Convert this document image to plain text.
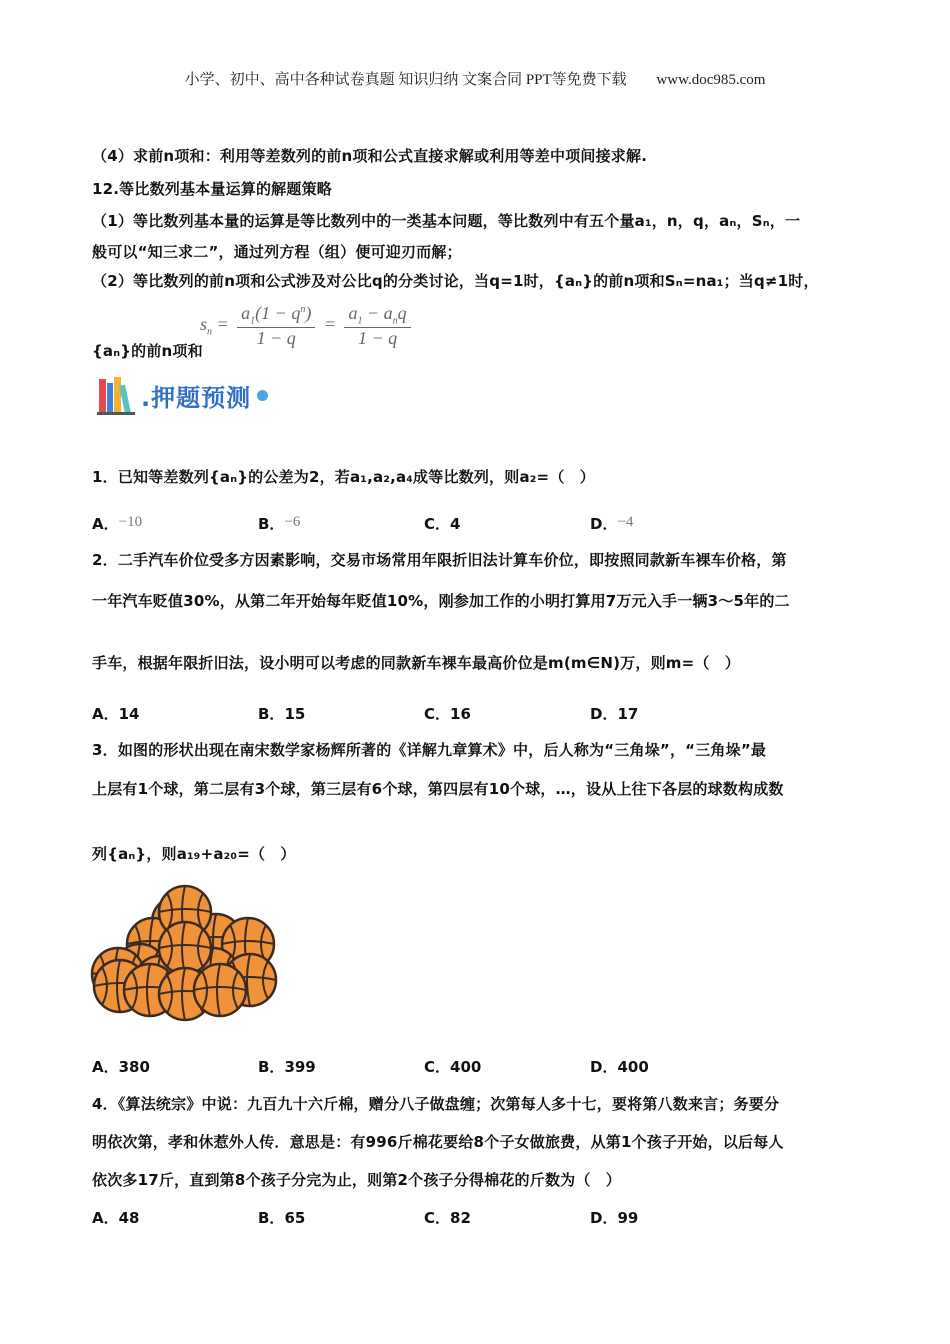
小学、初中、高中各种试卷真题 知识归纳 文案合同 PPT等免费下载 www.doc985.com
（4）求前n项和：利用等差数列的前n项和公式直接求解或利用等差中项间接求解.
12.等比数列基本量运算的解题策略
（1）等比数列基本量的运算是等比数列中的一类基本问题，等比数列中有五个量a₁，n，q，aₙ，Sₙ，一
般可以“知三求二”，通过列方程（组）便可迎刃而解；
（2）等比数列的前n项和公式涉及对公比q的分类讨论，当q=1时，{aₙ}的前n项和Sₙ=na₁；当q≠1时，
{aₙ}的前n项和
$s_n = \frac{a_1(1 - q^n)}{1 - q} = \frac{a_1 - a_nq}{1 - q}$
.押题预测
1．已知等差数列{aₙ}的公差为2，若a₁,a₂,a₄成等比数列，则a₂=（　）
A．−10	B．−6	C．4	D．−4
2．二手汽车价位受多方因素影响，交易市场常用年限折旧法计算车价位，即按照同款新车裸车价格，第
一年汽车贬值30%，从第二年开始每年贬值10%，刚参加工作的小明打算用7万元入手一辆3～5年的二
手车，根据年限折旧法，设小明可以考虑的同款新车裸车最高价位是m(m∈N)万，则m=（　）
A．14	B．15	C．16	D．17
3．如图的形状出现在南宋数学家杨辉所著的《详解九章算术》中，后人称为“三角垛”，“三角垛”最
上层有1个球，第二层有3个球，第三层有6个球，第四层有10个球，…，设从上往下各层的球数构成数
列{aₙ}，则a₁₉+a₂₀=（　）
A．380	B．399	C．400	D．400
4．《算法统宗》中说：九百九十六斤棉，赠分八子做盘缠；次第每人多十七，要将第八数来言；务要分
明依次第，孝和休惹外人传．意思是：有996斤棉花要给8个子女做旅费，从第1个孩子开始，以后每人
依次多17斤，直到第8个孩子分完为止，则第2个孩子分得棉花的斤数为（　）
A．48	B．65	C．82	D．99
